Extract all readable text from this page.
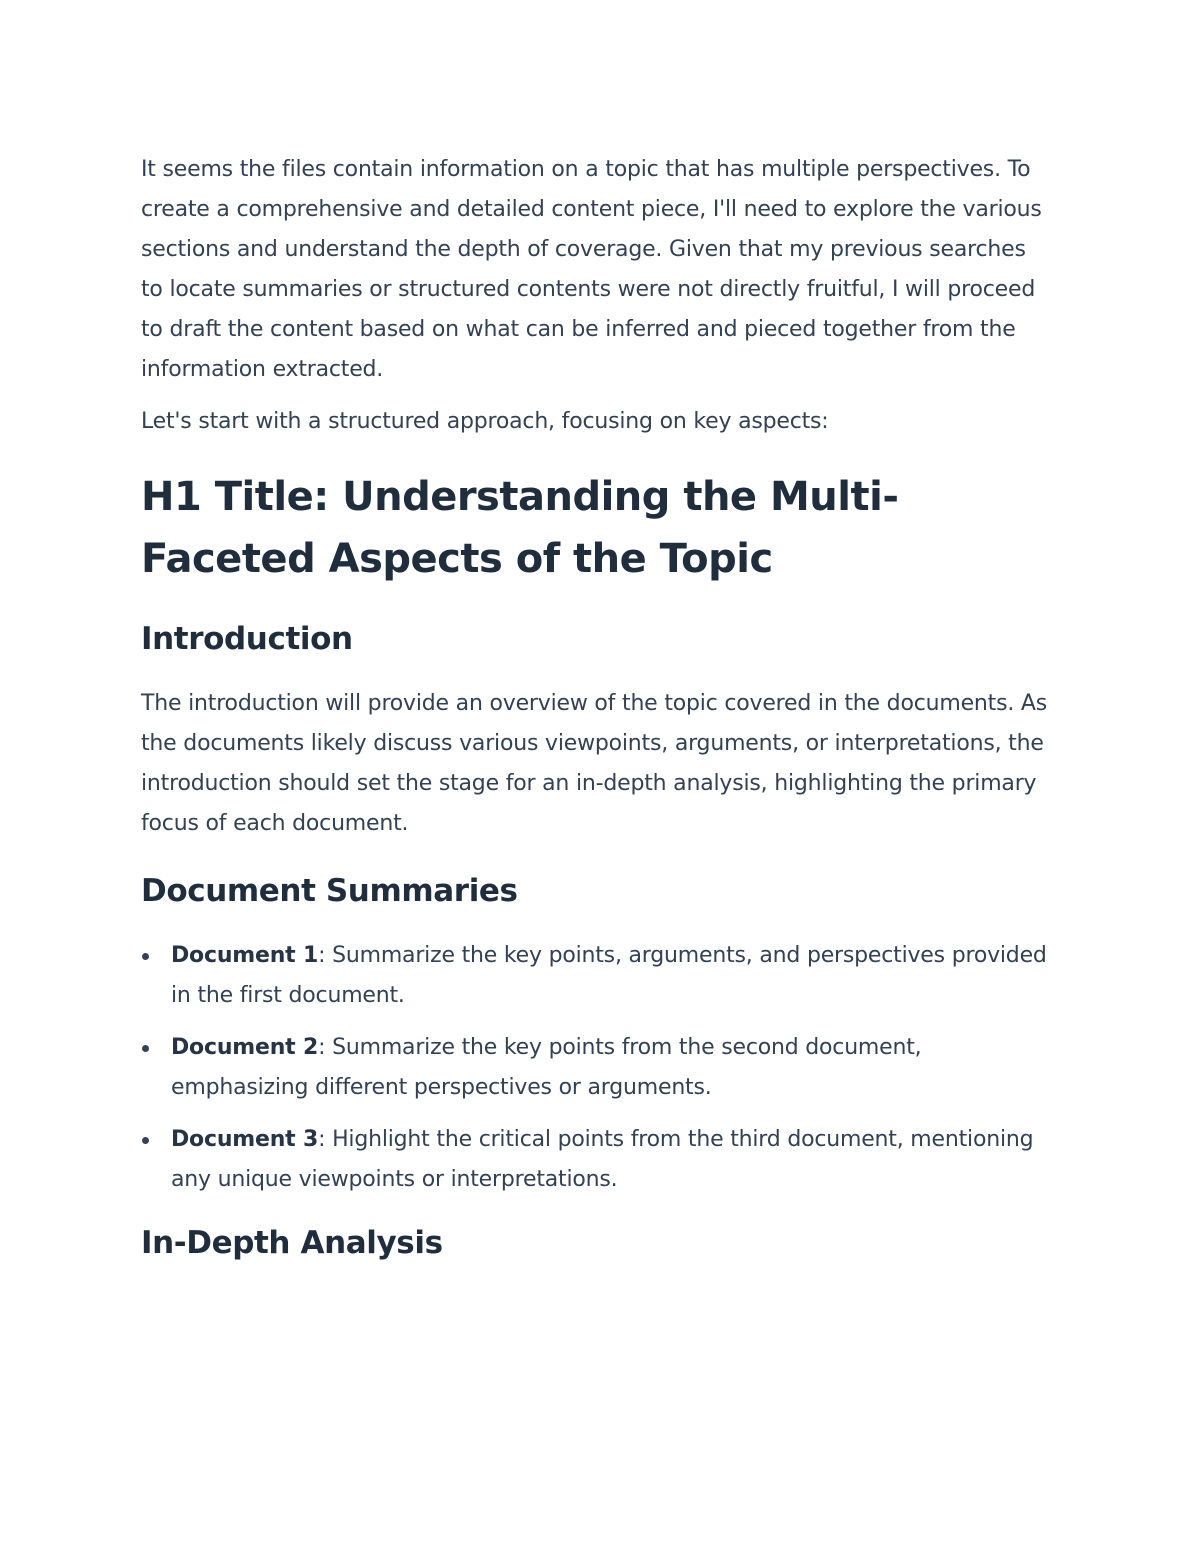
It seems the files contain information on a topic that has multiple perspectives. To create a comprehensive and detailed content piece, I'll need to explore the various sections and understand the depth of coverage. Given that my previous searches to locate summaries or structured contents were not directly fruitful, I will proceed to draft the content based on what can be inferred and pieced together from the information extracted.

Let's start with a structured approach, focusing on key aspects:

H1 Title: Understanding the Multi-Faceted Aspects of the Topic
Introduction

The introduction will provide an overview of the topic covered in the documents. As the documents likely discuss various viewpoints, arguments, or interpretations, the introduction should set the stage for an in-depth analysis, highlighting the primary focus of each document.

Document Summaries
Document 1: Summarize the key points, arguments, and perspectives provided in the first document.
Document 2: Summarize the key points from the second document, emphasizing different perspectives or arguments.
Document 3: Highlight the critical points from the third document, mentioning any unique viewpoints or interpretations.
In-Depth Analysis
